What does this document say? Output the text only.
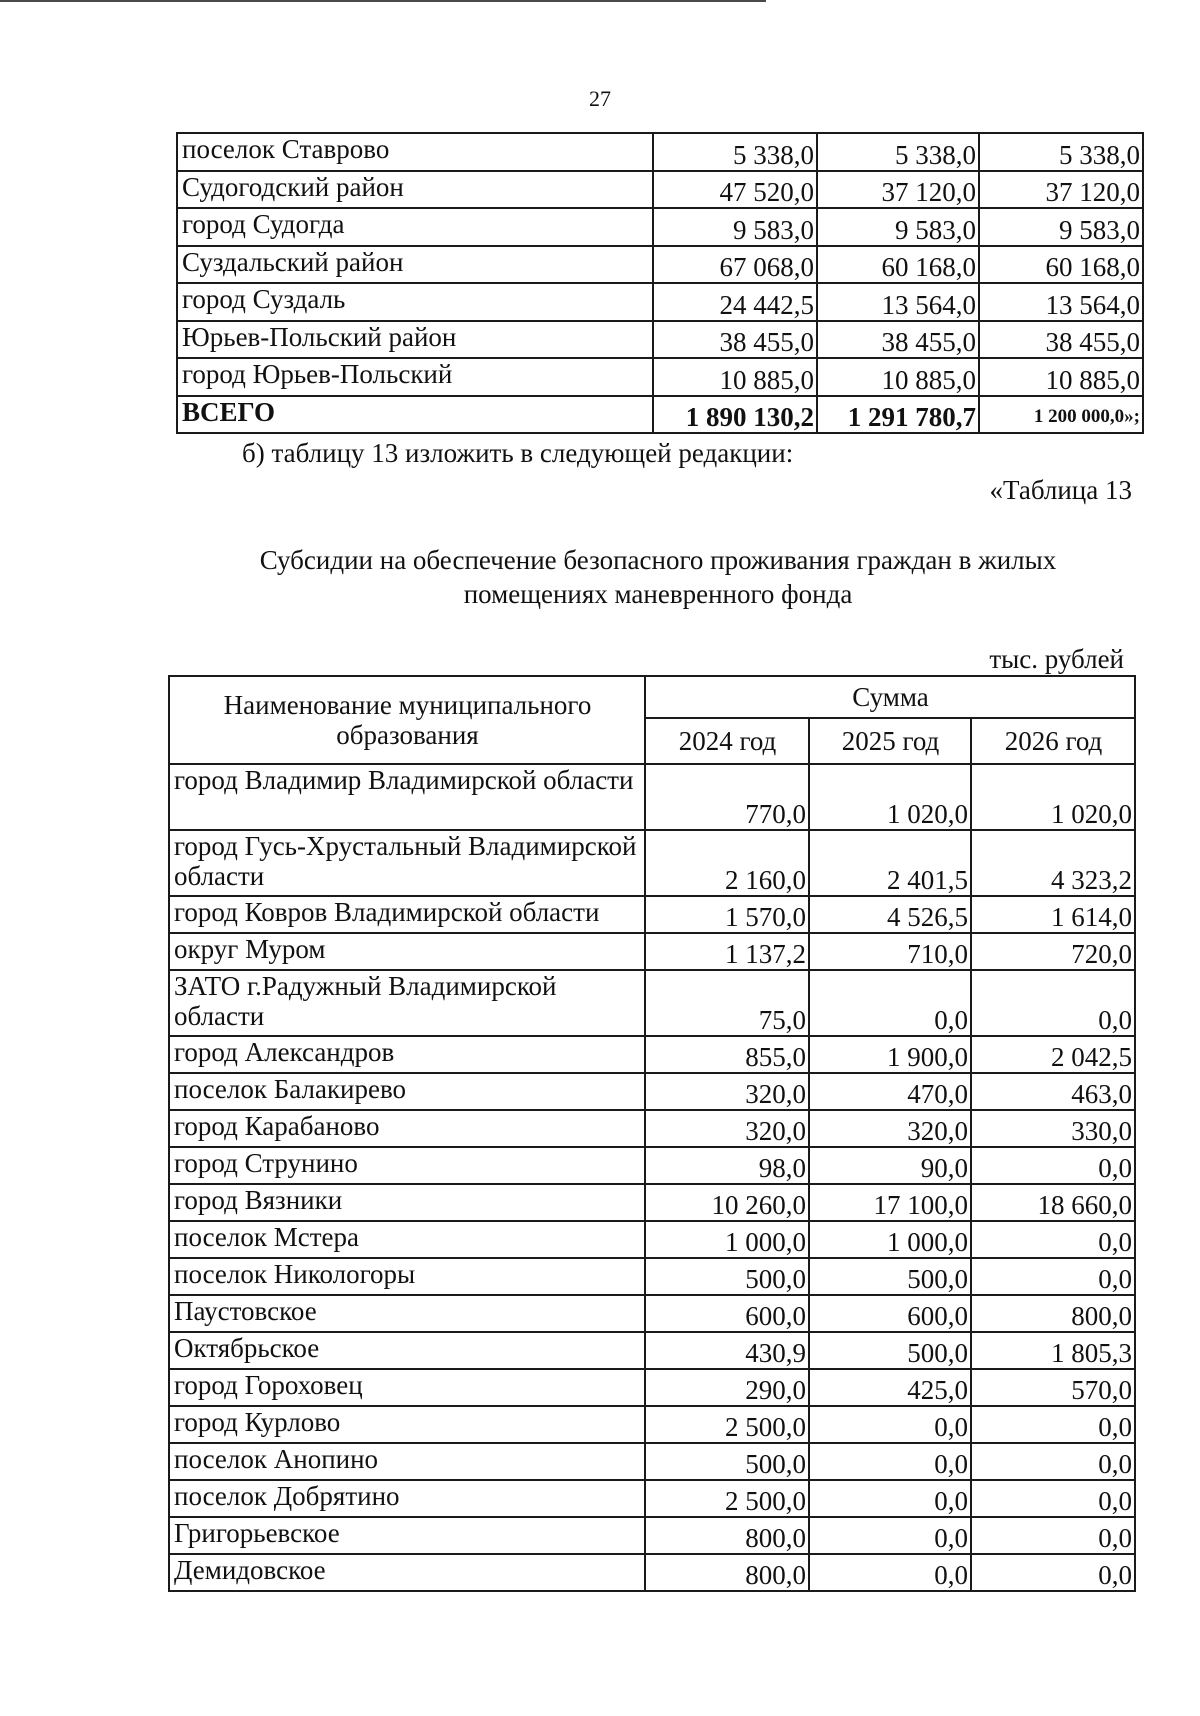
27
поселок Ставрово	5 338,0	5 338,0	5 338,0
Судогодский район	47 520,0	37 120,0	37 120,0
город Судогда	9 583,0	9 583,0	9 583,0
Суздальский район	67 068,0	60 168,0	60 168,0
город Суздаль	24 442,5	13 564,0	13 564,0
Юрьев-Польский район	38 455,0	38 455,0	38 455,0
город Юрьев-Польский	10 885,0	10 885,0	10 885,0
ВСЕГО	1 890 130,2	1 291 780,7	1 200 000,0»;
б) таблицу 13 изложить в следующей редакции:
«Таблица 13
Субсидии на обеспечение безопасного проживания граждан в жилых
помещениях маневренного фонда
тыс. рублей
Наименование муниципального образования	Сумма		
	2024 год	2025 год	2026 год
город Владимир Владимирской области	770,0	1 020,0	1 020,0
город Гусь-Хрустальный Владимирской области	2 160,0	2 401,5	4 323,2
город Ковров Владимирской области	1 570,0	4 526,5	1 614,0
округ Муром	1 137,2	710,0	720,0
ЗАТО г.Радужный Владимирской области	75,0	0,0	0,0
город Александров	855,0	1 900,0	2 042,5
поселок Балакирево	320,0	470,0	463,0
город Карабаново	320,0	320,0	330,0
город Струнино	98,0	90,0	0,0
город Вязники	10 260,0	17 100,0	18 660,0
поселок Мстера	1 000,0	1 000,0	0,0
поселок Никологоры	500,0	500,0	0,0
Паустовское	600,0	600,0	800,0
Октябрьское	430,9	500,0	1 805,3
город Гороховец	290,0	425,0	570,0
город Курлово	2 500,0	0,0	0,0
поселок Анопино	500,0	0,0	0,0
поселок Добрятино	2 500,0	0,0	0,0
Григорьевское	800,0	0,0	0,0
Демидовское	800,0	0,0	0,0
